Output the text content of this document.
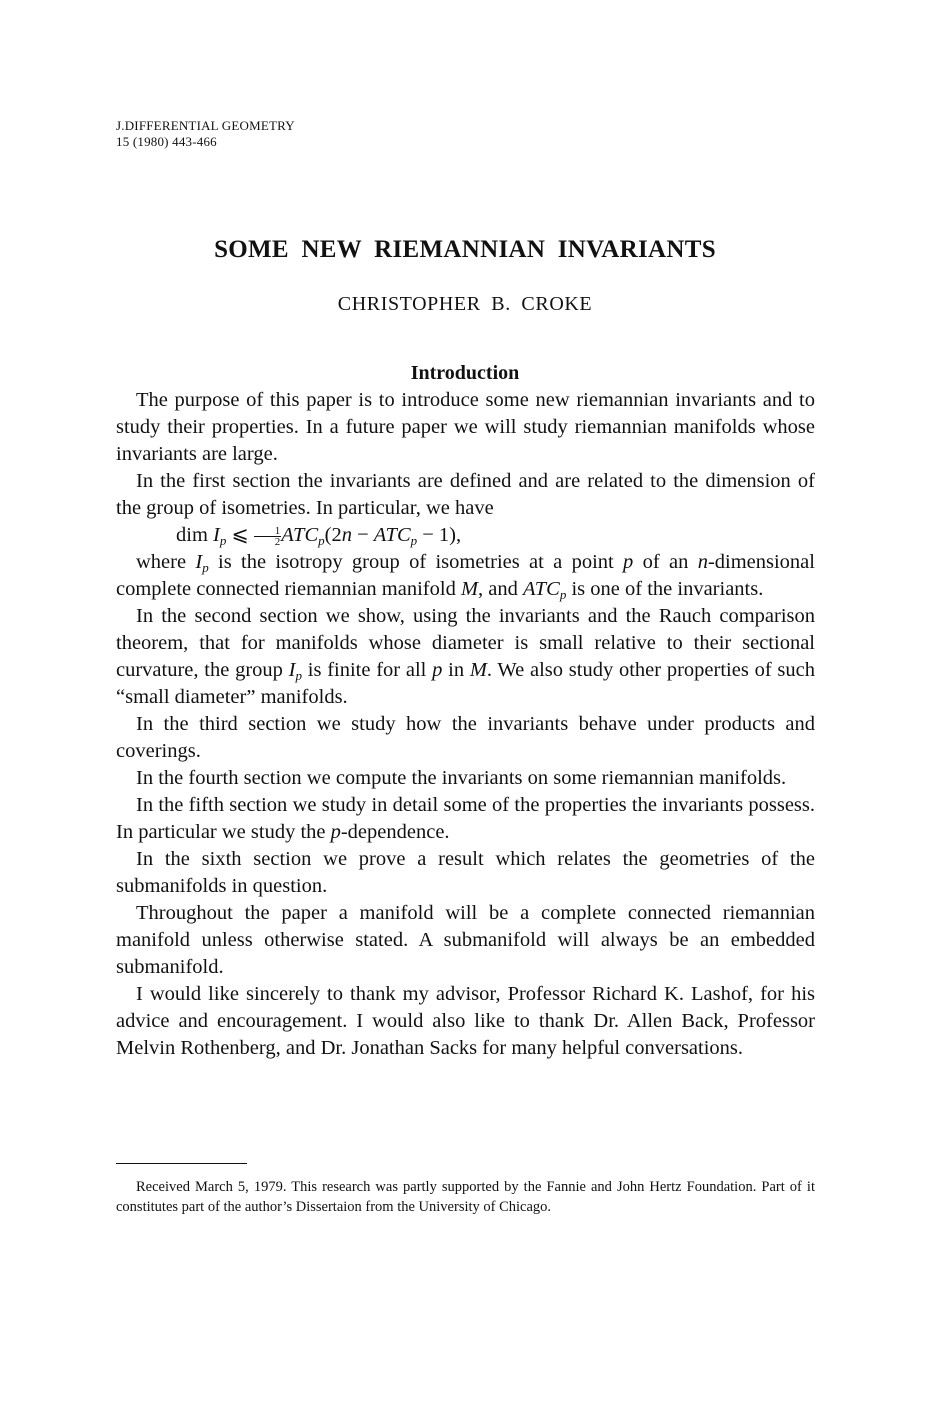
J.DIFFERENTIAL GEOMETRY
15 (1980) 443-466
SOME NEW RIEMANNIAN INVARIANTS
CHRISTOPHER B. CROKE
Introduction

The purpose of this paper is to introduce some new riemannian invariants and to study their properties. In a future paper we will study riemannian manifolds whose invariants are large.

In the first section the invariants are defined and are related to the dimension of the group of isometries. In particular, we have

dim $I_p$ ⩽ $\frac{1}{2} ATC_p(2n - ATC_p - 1)$,

where $I_p$ is the isotropy group of isometries at a point p of an n-dimensional complete connected riemannian manifold M, and $ATC_p$ is one of the invariants.

In the second section we show, using the invariants and the Rauch comparison theorem, that for manifolds whose diameter is small relative to their sectional curvature, the group $I_p$ is finite for all p in M. We also study other properties of such “small diameter” manifolds.

In the third section we study how the invariants behave under products and coverings.

In the fourth section we compute the invariants on some riemannian manifolds.

In the fifth section we study in detail some of the properties the invariants possess. In particular we study the p-dependence.

In the sixth section we prove a result which relates the geometries of the submanifolds in question.

Throughout the paper a manifold will be a complete connected riemannian manifold unless otherwise stated. A submanifold will always be an embedded submanifold.

I would like sincerely to thank my advisor, Professor Richard K. Lashof, for his advice and encouragement. I would also like to thank Dr. Allen Back, Professor Melvin Rothenberg, and Dr. Jonathan Sacks for many helpful conversations.

Received March 5, 1979. This research was partly supported by the Fannie and John Hertz Foundation. Part of it constitutes part of the author’s Dissertaion from the University of Chicago.
